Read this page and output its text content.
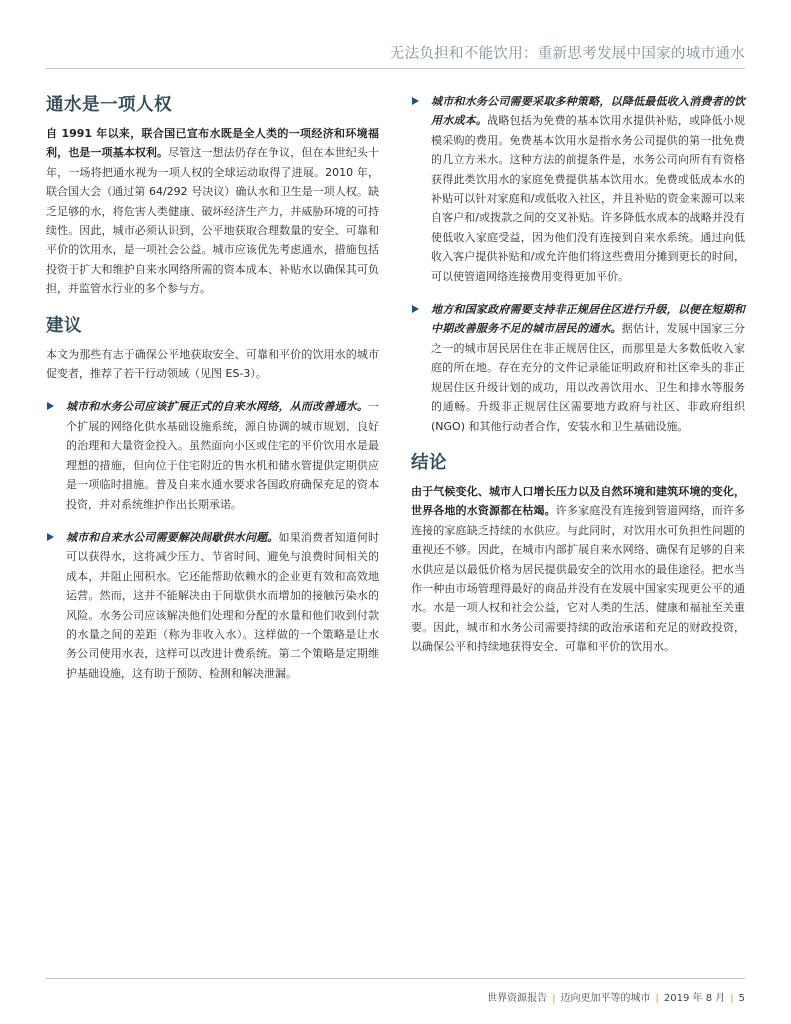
无法负担和不能饮用：重新思考发展中国家的城市通水
通水是一项人权

自 1991 年以来，联合国已宣布水既是全人类的一项经济和环境福利，也是一项基本权利。尽管这一想法仍存在争议，但在本世纪头十年，一场将把通水视为一项人权的全球运动取得了进展。2010 年，联合国大会（通过第 64/292 号决议）确认水和卫生是一项人权。缺乏足够的水，将危害人类健康、破坏经济生产力，并威胁环境的可持续性。因此，城市必须认识到，公平地获取合理数量的安全、可靠和平价的饮用水，是一项社会公益。城市应该优先考虑通水，措施包括投资于扩大和维护自来水网络所需的资本成本、补贴水以确保其可负担，并监管水行业的多个参与方。

建议

本文为那些有志于确保公平地获取安全、可靠和平价的饮用水的城市促变者，推荐了若干行动领域（见图 ES-3）。

城市和水务公司应该扩展正式的自来水网络，从而改善通水。一个扩展的网络化供水基础设施系统，源自协调的城市规划、良好的治理和大量资金投入。虽然面向小区或住宅的平价饮用水是最理想的措施，但向位于住宅附近的售水机和储水管提供定期供应是一项临时措施。普及自来水通水要求各国政府确保充足的资本投资，并对系统维护作出长期承诺。
城市和自来水公司需要解决间歇供水问题。如果消费者知道何时可以获得水，这将减少压力、节省时间、避免与浪费时间相关的成本，并阻止囤积水。它还能帮助依赖水的企业更有效和高效地运营。然而，这并不能解决由于间歇供水而增加的接触污染水的风险。水务公司应该解决他们处理和分配的水量和他们收到付款的水量之间的差距（称为非收入水）。这样做的一个策略是让水务公司使用水表，这样可以改进计费系统。第二个策略是定期维护基础设施，这有助于预防、检测和解决泄漏。
城市和水务公司需要采取多种策略，以降低最低收入消费者的饮用水成本。战略包括为免费的基本饮用水提供补贴，或降低小规模采购的费用。免费基本饮用水是指水务公司提供的第一批免费的几立方米水。这种方法的前提条件是，水务公司向所有有资格获得此类饮用水的家庭免费提供基本饮用水。免费或低成本水的补贴可以针对家庭和/或低收入社区，并且补贴的资金来源可以来自客户和/或拨款之间的交叉补贴。许多降低水成本的战略并没有使低收入家庭受益，因为他们没有连接到自来水系统。通过向低收入客户提供补贴和/或允许他们将这些费用分摊到更长的时间，可以使管道网络连接费用变得更加平价。
地方和国家政府需要支持非正规居住区进行升级，以便在短期和中期改善服务不足的城市居民的通水。据估计，发展中国家三分之一的城市居民居住在非正规居住区，而那里是大多数低收入家庭的所在地。存在充分的文件记录能证明政府和社区牵头的非正规居住区升级计划的成功，用以改善饮用水、卫生和排水等服务的通畅。升级非正规居住区需要地方政府与社区、非政府组织 (NGO) 和其他行动者合作，安装水和卫生基础设施。
结论

由于气候变化、城市人口增长压力以及自然环境和建筑环境的变化，世界各地的水资源都在枯竭。许多家庭没有连接到管道网络，而许多连接的家庭缺乏持续的水供应。与此同时，对饮用水可负担性问题的重视还不够。因此，在城市内部扩展自来水网络、确保有足够的自来水供应是以最低价格为居民提供最安全的饮用水的最佳途径。把水当作一种由市场管理得最好的商品并没有在发展中国家实现更公平的通水。水是一项人权和社会公益，它对人类的生活、健康和福祉至关重要。因此，城市和水务公司需要持续的政治承诺和充足的财政投资，以确保公平和持续地获得安全、可靠和平价的饮用水。

世界资源报告 | 迈向更加平等的城市 | 2019 年 8 月 | 5
